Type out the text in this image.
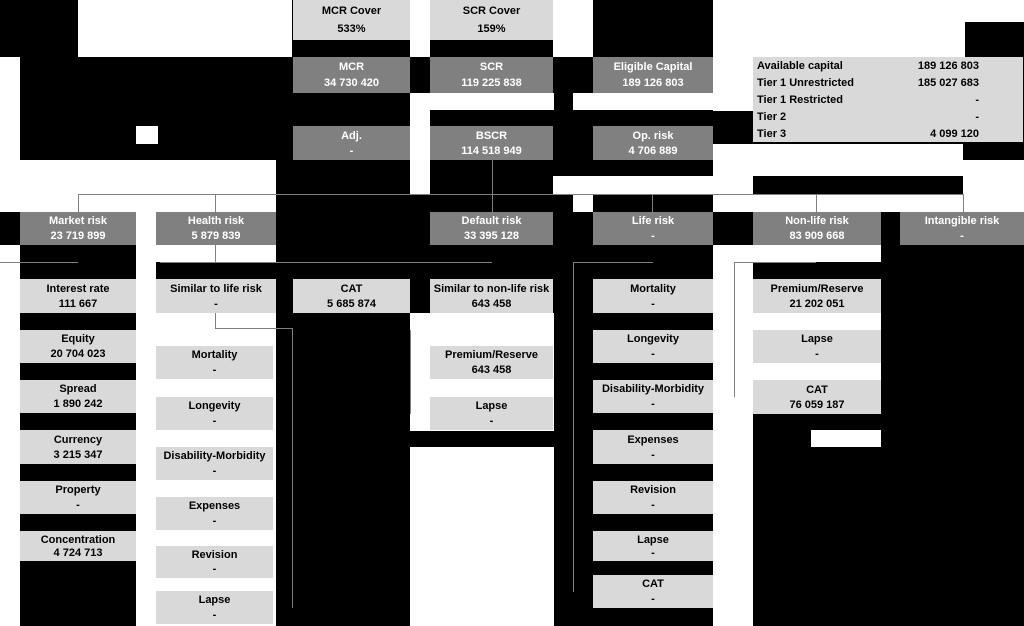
MCR Cover
533%
SCR Cover
159%
MCR
34 730 420
SCR
119 225 838
Eligible Capital
189 126 803
Adj.
-
BSCR
114 518 949
Op. risk
4 706 889
Available capital	189 126 803
Tier 1 Unrestricted	185 027 683
Tier 1 Restricted	-
Tier 2	-
Tier 3	4 099 120
Market risk
23 719 899
Health risk
5 879 839
Default risk
33 395 128
Life risk
-
Non-life risk
83 909 668
Intangible risk
-
Interest rate
111 667
Equity
20 704 023
Spread
1 890 242
Currency
3 215 347
Property
-
Concentration
4 724 713
Similar to life risk
-
CAT
5 685 874
Similar to non-life risk
643 458
Mortality
-
Longevity
-
Disability-Morbidity
-
Expenses
-
Revision
-
Lapse
-
Premium/Reserve
643 458
Lapse
-
Mortality
-
Longevity
-
Disability-Morbidity
-
Expenses
-
Revision
-
Lapse
-
CAT
-
Premium/Reserve
21 202 051
Lapse
-
CAT
76 059 187
